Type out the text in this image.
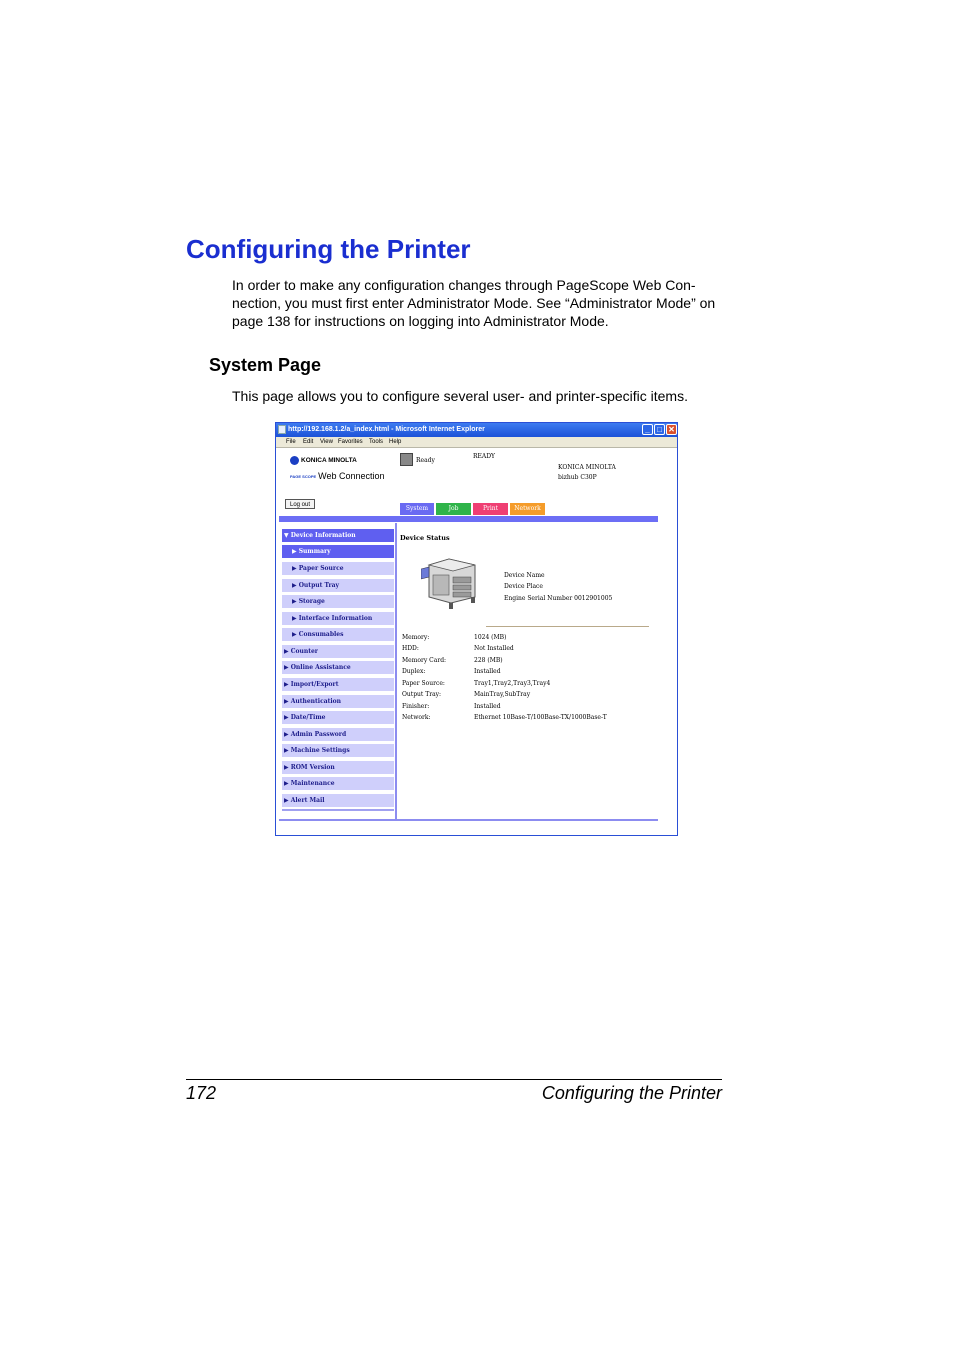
Configuring the Printer

In order to make any configuration changes through PageScope Web Con-nection, you must first enter Administrator Mode. See “Administrator Mode” on page 138 for instructions on logging into Administrator Mode.

System Page

This page allows you to configure several user- and printer-specific items.

http://192.168.1.2/a_index.html - Microsoft Internet Explorer	_ □ ✕
File Edit View Favorites Tools Help
KONICA MINOLTA
PAGE SCOPE Web Connection
Ready
READY
KONICA MINOLTA
bizhub C30P
Log out	System	Job	Print	Network
▼ Device Information
▶ Summary
▶ Paper Source
▶ Output Tray
▶ Storage
▶ Interface Information
▶ Consumables
▶ Counter
▶ Online Assistance
▶ Import/Export
▶ Authentication
▶ Date/Time
▶ Admin Password
▶ Machine Settings
▶ ROM Version
▶ Maintenance
▶ Alert Mail
Device Status
Device Name
Device Place
Engine Serial Number 0012901005
Memory:	1024 (MB)
HDD:	Not Installed
Memory Card:	228 (MB)
Duplex:	Installed
Paper Source:	Tray1,Tray2,Tray3,Tray4
Output Tray:	MainTray,SubTray
Finisher:	Installed
Network:	Ethernet 10Base-T/100Base-TX/1000Base-T

172	Configuring the Printer
